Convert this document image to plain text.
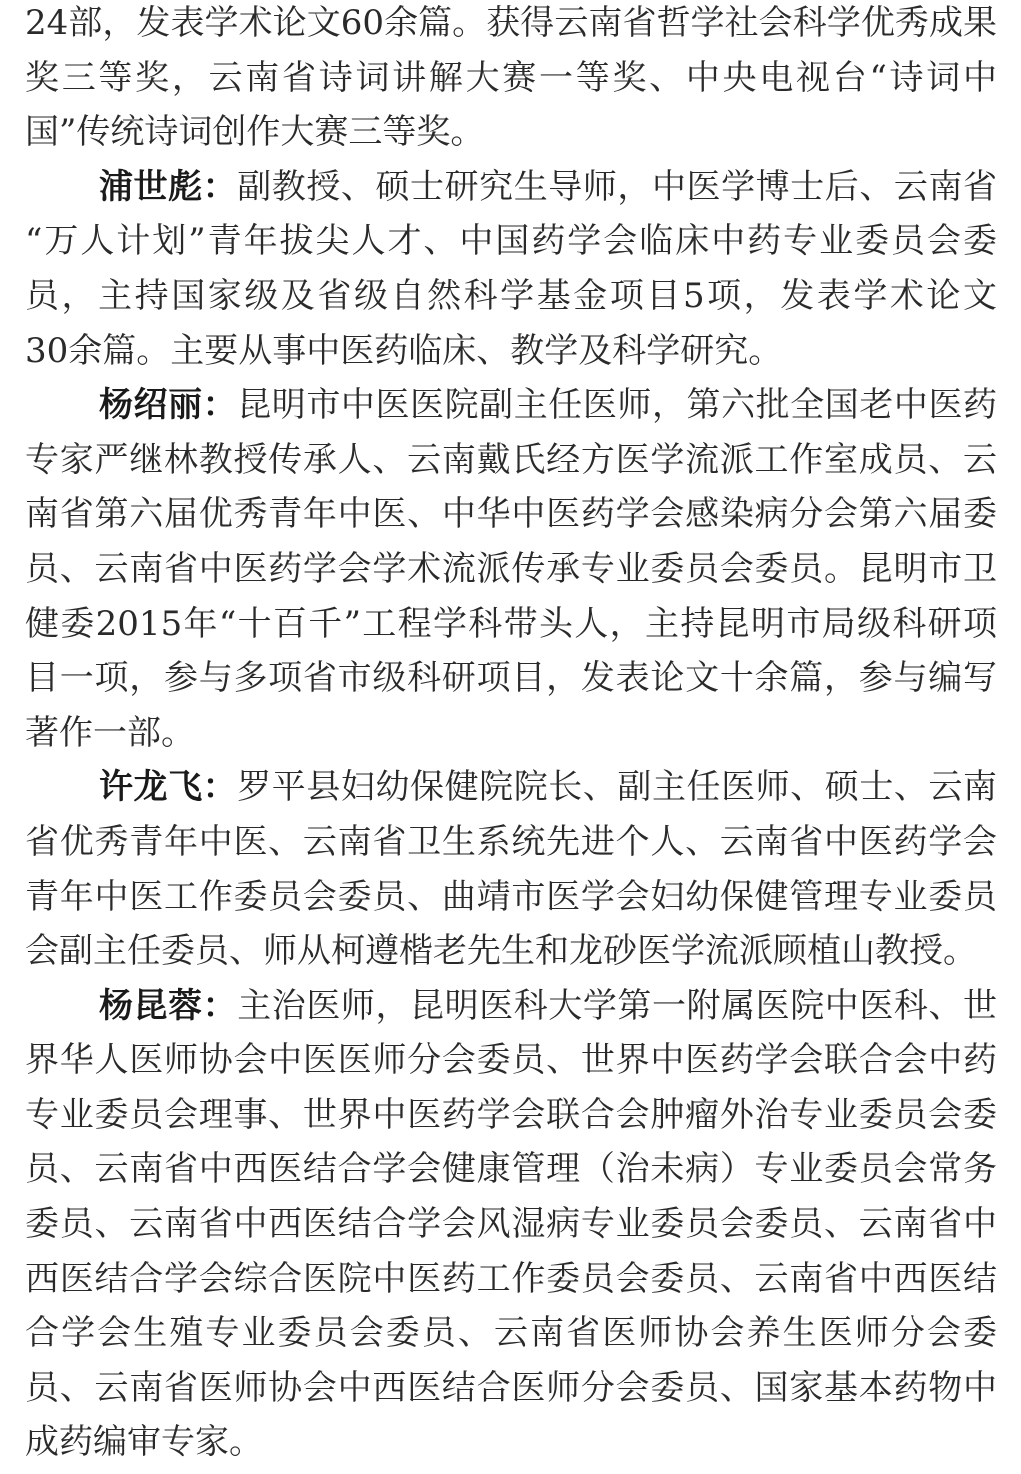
24部，发表学术论文60余篇。获得云南省哲学社会科学优秀成果
奖三等奖，云南省诗词讲解大赛一等奖、中央电视台“诗词中
国”传统诗词创作大赛三等奖。
浦世彪：副教授、硕士研究生导师，中医学博士后、云南省
“万人计划”青年拔尖人才、中国药学会临床中药专业委员会委
员，主持国家级及省级自然科学基金项目5项，发表学术论文
30余篇。主要从事中医药临床、教学及科学研究。
杨绍丽：昆明市中医医院副主任医师，第六批全国老中医药
专家严继林教授传承人、云南戴氏经方医学流派工作室成员、云
南省第六届优秀青年中医、中华中医药学会感染病分会第六届委
员、云南省中医药学会学术流派传承专业委员会委员。昆明市卫
健委2015年“十百千”工程学科带头人，主持昆明市局级科研项
目一项，参与多项省市级科研项目，发表论文十余篇，参与编写
著作一部。
许龙飞：罗平县妇幼保健院院长、副主任医师、硕士、云南
省优秀青年中医、云南省卫生系统先进个人、云南省中医药学会
青年中医工作委员会委员、曲靖市医学会妇幼保健管理专业委员
会副主任委员、师从柯遵楷老先生和龙砂医学流派顾植山教授。
杨昆蓉：主治医师，昆明医科大学第一附属医院中医科、世
界华人医师协会中医医师分会委员、世界中医药学会联合会中药
专业委员会理事、世界中医药学会联合会肿瘤外治专业委员会委
员、云南省中西医结合学会健康管理（治未病）专业委员会常务
委员、云南省中西医结合学会风湿病专业委员会委员、云南省中
西医结合学会综合医院中医药工作委员会委员、云南省中西医结
合学会生殖专业委员会委员、云南省医师协会养生医师分会委
员、云南省医师协会中西医结合医师分会委员、国家基本药物中
成药编审专家。
